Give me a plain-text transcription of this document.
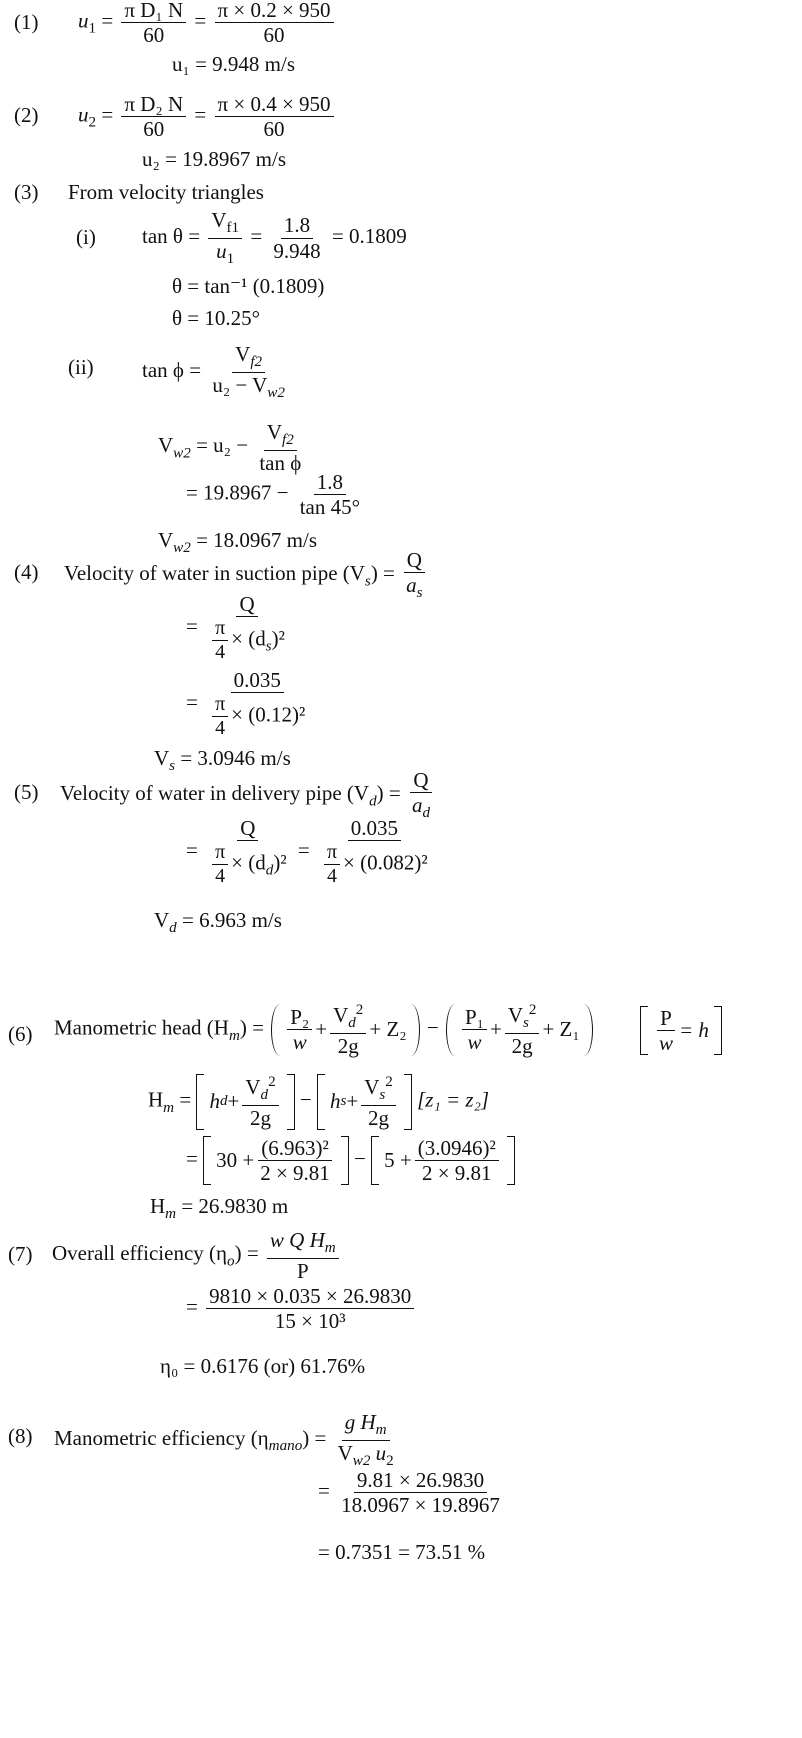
(1) $u_1 = \frac{\text{π D₁ N}}{60} = \frac{\pi \times 0.2 \times 950}{60}$
u₁ = 9.948 m/s
(2) $u_2 = \frac{\text{π D₂ N}}{60} = \frac{\pi \times 0.4 \times 950}{60}$
u₂ = 19.8967 m/s
(3) From velocity triangles
(i) $\tan \theta = \frac{V_{f1}}{u_1} = \frac{1.8}{9.948} = 0.1809$
θ = tan⁻¹ (0.1809)
θ = 10.25°
(ii) $\tan \phi = \frac{V_{f2}}{u_2 - V_{w2}}$
$V_{w2} = u_2 - \frac{V_{f2}}{\text{tan ϕ}}$
= $19.8967 - \frac{1.8}{\tan 45^\circ}$
$V_{w2} = 18.0967$ m/s
(4) Velocity of water in suction pipe $(V_s) = \frac{Q}{a_s}$
= $\frac{Q}{\frac{\pi}{4} \times (d_s)^2}$
= $\frac{0.035}{\frac{\pi}{4} \times (0.12)^2}$
$V_s = 3.0946$ m/s
(5) Velocity of water in delivery pipe $(V_d) = \frac{Q}{a_d}$
= $\frac{Q}{\frac{\pi}{4} \times (d_d)^2} = \frac{0.035}{\frac{\pi}{4} \times (0.082)^2}$
$V_d = 6.963$ m/s
(6) Manometric head $(H_m) = \frac{\text{P₂}}{w} + \frac{V_d^2}{2g} + Z_2 - \frac{\text{P₁}}{w} + \frac{V_s^2}{2g} + Z_1$	$\frac{P}{w} = h$
$H_m = h$ $d + \frac{V_d^2}{2g} - h$ $s + \frac{V_s^2}{2g} [z_1 = z_2]$
= $30 + \frac{\text{(6.963)²}}{2 \times 9.81} - 5 + \frac{\text{(3.0946)²}}{2 \times 9.81}$
$H_m = 26.9830$ m
(7) Overall efficiency $(\eta_o) = \frac{w Q H_m}{P}$
= $\frac{9810 \times 0.035 \times 26.9830}{\text{15 × 10³}}$
η₀ = 0.6176 (or) 61.76%
(8) Manometric efficiency $(\eta_{mano}) = \frac{g H_m}{V_{w2} u_2}$
= $\frac{9.81 \times 26.9830}{18.0967 \times 19.8967}$
= 0.7351 = 73.51 %
